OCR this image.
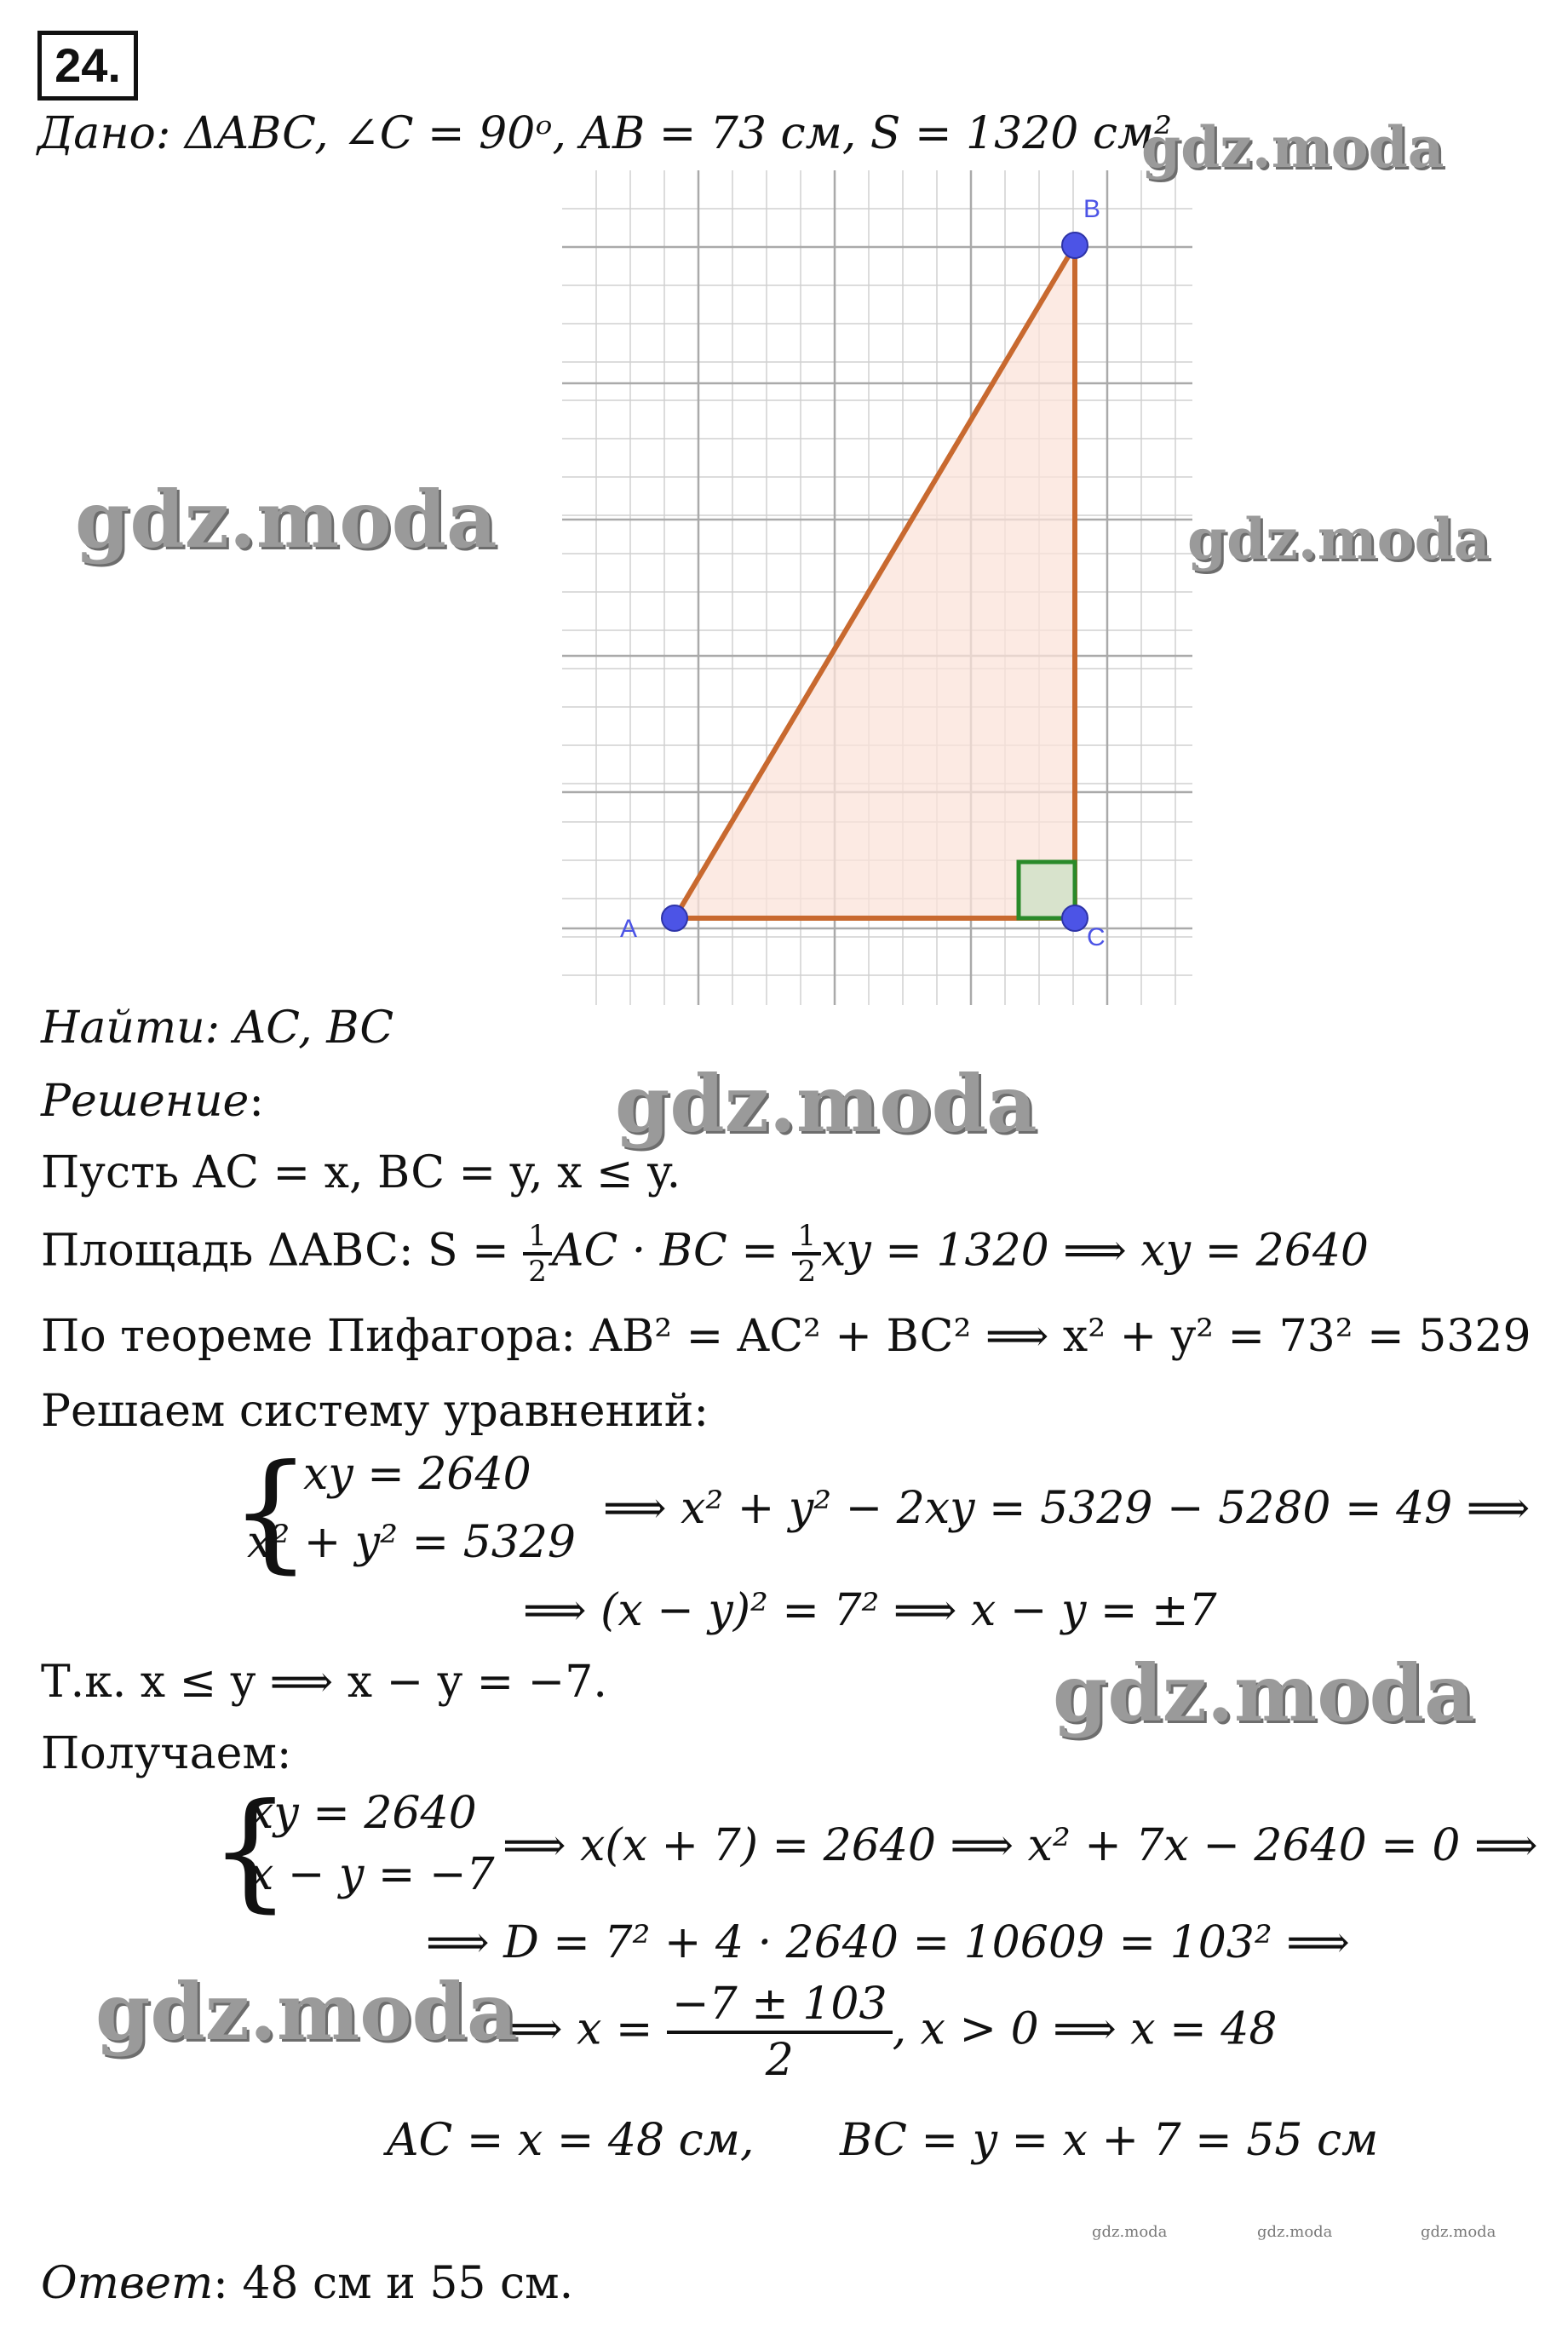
24.
Дано: ΔABC, ∠C = 90ᵒ, AB = 73 см, S = 1320 см²
A
B
C
Найти: AC, BC
Решение:
Пусть AC = x, BC = y, x ≤ y.
Площадь ΔABC: $S = \frac{1}{2}$ AC · BC = $\frac{1}{2}$ xy = 1320 ⟹ xy = 2640
По теореме Пифагора: AB² = AC² + BC² ⟹ x² + y² = 73² = 5329
Решаем систему уравнений:
{
xy = 2640
x² + y² = 5329
⟹ x² + y² − 2xy = 5329 − 5280 = 49 ⟹
⟹ (x − y)² = 7² ⟹ x − y = ±7
Т.к. x ≤ y ⟹ x − y = −7.
Получаем:
{
xy = 2640
x − y = −7
⟹ x(x + 7) = 2640 ⟹ x² + 7x − 2640 = 0 ⟹
⟹ D = 7² + 4 · 2640 = 10609 = 103² ⟹
⟹ $x = \frac{-7 \pm 103}{2}$ , x > 0 ⟹ x = 48
AC = x = 48 см, BC = y = x + 7 = 55 см
Ответ: 48 см и 55 см.
gdz.moda
gdz.moda	gdz.moda
gdz.moda
gdz.moda
gdz.moda
gdz.moda	gdz.moda	gdz.moda
